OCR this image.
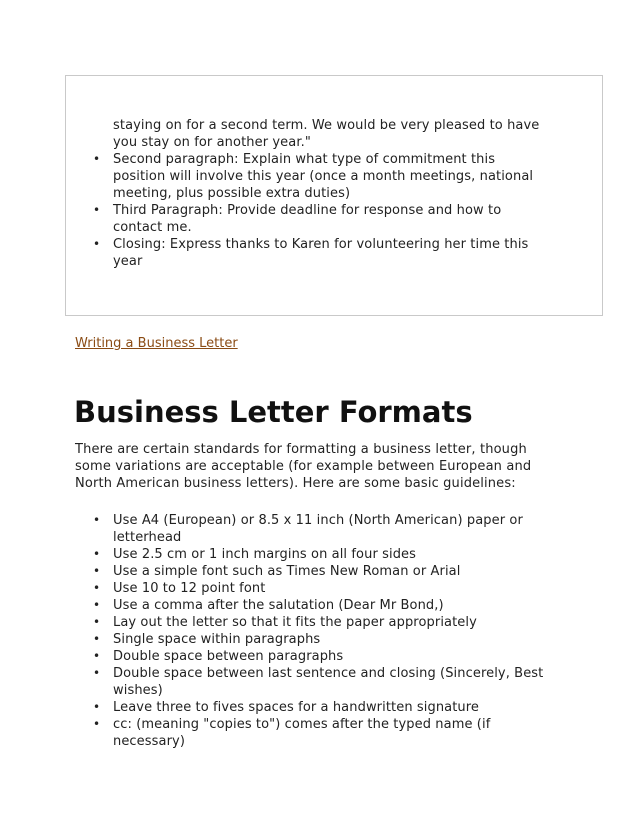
staying on for a second term. We would be very pleased to have
you stay on for another year."
• Second paragraph: Explain what type of commitment this
position will involve this year (once a month meetings, national
meeting, plus possible extra duties)
• Third Paragraph: Provide deadline for response and how to
contact me.
• Closing: Express thanks to Karen for volunteering her time this
year
Writing a Business Letter
Business Letter Formats
There are certain standards for formatting a business letter, though
some variations are acceptable (for example between European and
North American business letters). Here are some basic guidelines:
• Use A4 (European) or 8.5 x 11 inch (North American) paper or
letterhead
• Use 2.5 cm or 1 inch margins on all four sides
• Use a simple font such as Times New Roman or Arial
• Use 10 to 12 point font
• Use a comma after the salutation (Dear Mr Bond,)
• Lay out the letter so that it fits the paper appropriately
• Single space within paragraphs
• Double space between paragraphs
• Double space between last sentence and closing (Sincerely, Best
wishes)
• Leave three to fives spaces for a handwritten signature
• cc: (meaning "copies to") comes after the typed name (if
necessary)
